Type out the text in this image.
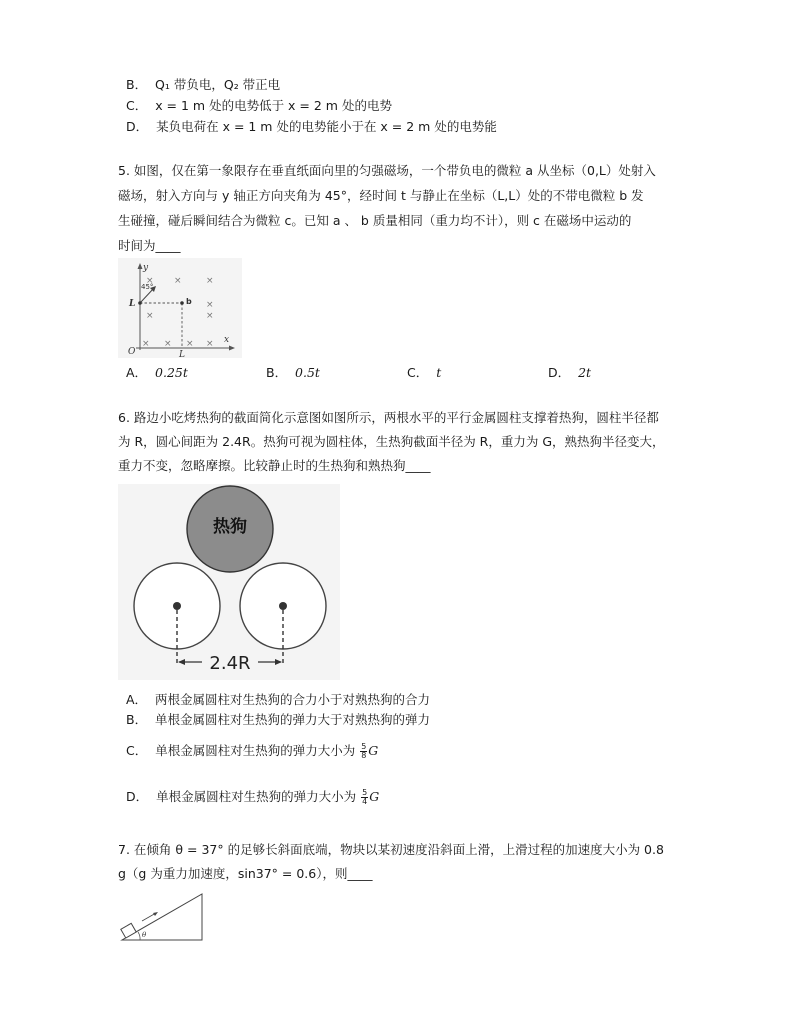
B． Q₁ 带负电，Q₂ 带正电
C． x = 1 m 处的电势低于 x = 2 m 处的电势
D． 某负电荷在 x = 1 m 处的电势能小于在 x = 2 m 处的电势能
5. 如图，仅在第一象限存在垂直纸面向里的匀强磁场，一个带负电的微粒 a 从坐标（0,L）处射入
磁场，射入方向与 y 轴正方向夹角为 45°，经时间 t 与静止在坐标（L,L）处的不带电微粒 b 发
生碰撞，碰后瞬间结合为微粒 c。已知 a 、 b 质量相同（重力均不计），则 c 在磁场中运动的
时间为____
× ×	×
×
×	×
× × × ×
y
x
O
L
L
b
45°
A． 0.25t	B． 0.5t	C． t	D． 2t
6. 路边小吃烤热狗的截面简化示意图如图所示，两根水平的平行金属圆柱支撑着热狗，圆柱半径都
为 R，圆心间距为 2.4R。热狗可视为圆柱体，生热狗截面半径为 R，重力为 G，熟热狗半径变大，
重力不变，忽略摩擦。比较静止时的生热狗和熟热狗____
热狗
2.4R
A． 两根金属圆柱对生热狗的合力小于对熟热狗的合力
B． 单根金属圆柱对生热狗的弹力大于对熟热狗的弹力
C． 单根金属圆柱对生热狗的弹力大小为 $\frac{5}{8}$ G
D． 单根金属圆柱对生热狗的弹力大小为 $\frac{5}{4}$ G
7. 在倾角 θ = 37° 的足够长斜面底端，物块以某初速度沿斜面上滑，上滑过程的加速度大小为 0.8
g（g 为重力加速度，sin37° = 0.6），则____
θ
